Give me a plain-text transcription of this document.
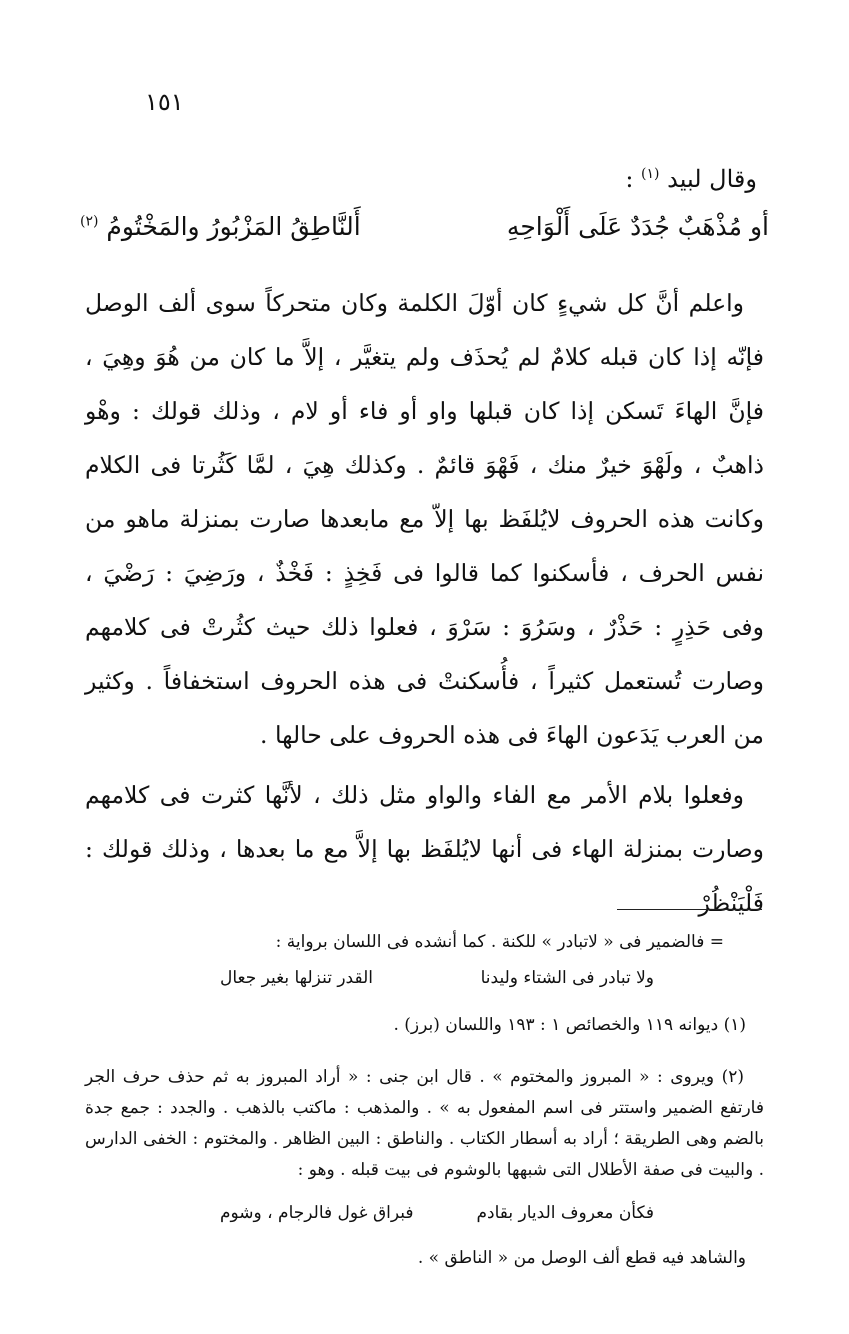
١٥١
وقال لبيد $^{(١)}$ :
أو مُذْهَبٌ جُدَدٌ عَلَى أَلْوَاحِهِ
أَلنَّاطِقُ المَزْبُورُ والمَخْتُومُ $^{(٢)}$
واعلم أنَّ كل شيءٍ كان أوّلَ الكلمة وكان متحركاً سوى ألف الوصل فإنّه إذا كان قبله كلامٌ لم يُحذَف ولم يتغيَّر ، إلاَّ ما كان من هُوَ وهِيَ ، فإنَّ الهاءَ تَسكن إذا كان قبلها واو أو فاء أو لام ، وذلك قولك : وهْو ذاهبٌ ، ولَهْوَ خيرٌ منك ، فَهْوَ قائمٌ . وكذلك هِيَ ، لمَّا كَثُرتا فى الكلام وكانت هذه الحروف لايُلفَظ بها إلاّ مع مابعدها صارت بمنزلة ماهو من نفس الحرف ، فأسكنوا كما قالوا فى فَخِذٍ : فَخْذٌ ، ورَضِيَ : رَضْيَ ، وفى حَذِرٍ : حَذْرٌ ، وسَرُوَ : سَرْوَ ، فعلوا ذلك حيث كثُرتْ فى كلامهم وصارت تُستعمل كثيراً ، فأُسكنتْ فى هذه الحروف استخفافاً . وكثير من العرب يَدَعون الهاءَ فى هذه الحروف على حالها .
وفعلوا بلام الأمر مع الفاء والواو مثل ذلك ، لأنَّها كثرت فى كلامهم وصارت بمنزلة الهاء فى أنها لايُلفَظ بها إلاَّ مع ما بعدها ، وذلك قولك : فَلْيَنْظُرْ
= فالضمير فى « لاتبادر » للكنة . كما أنشده فى اللسان برواية :
ولا تبادر فى الشتاء وليدنا
القدر تنزلها بغير جعال
(١) ديوانه ١١٩ والخصائص ١ : ١٩٣ واللسان (برز) .
(٢) ويروى : « المبروز والمختوم » . قال ابن جنى : « أراد المبروز به ثم حذف حرف الجر فارتفع الضمير واستتر فى اسم المفعول به » . والمذهب : ماكتب بالذهب . والجدد : جمع جدة بالضم وهى الطريقة ؛ أراد به أسطار الكتاب . والناطق : البين الظاهر . والمختوم : الخفى الدارس . والبيت فى صفة الأطلال التى شبهها بالوشوم فى بيت قبله . وهو :
فكأن معروف الديار بقادم
فبراق غول فالرجام ، وشوم
والشاهد فيه قطع ألف الوصل من « الناطق » .
